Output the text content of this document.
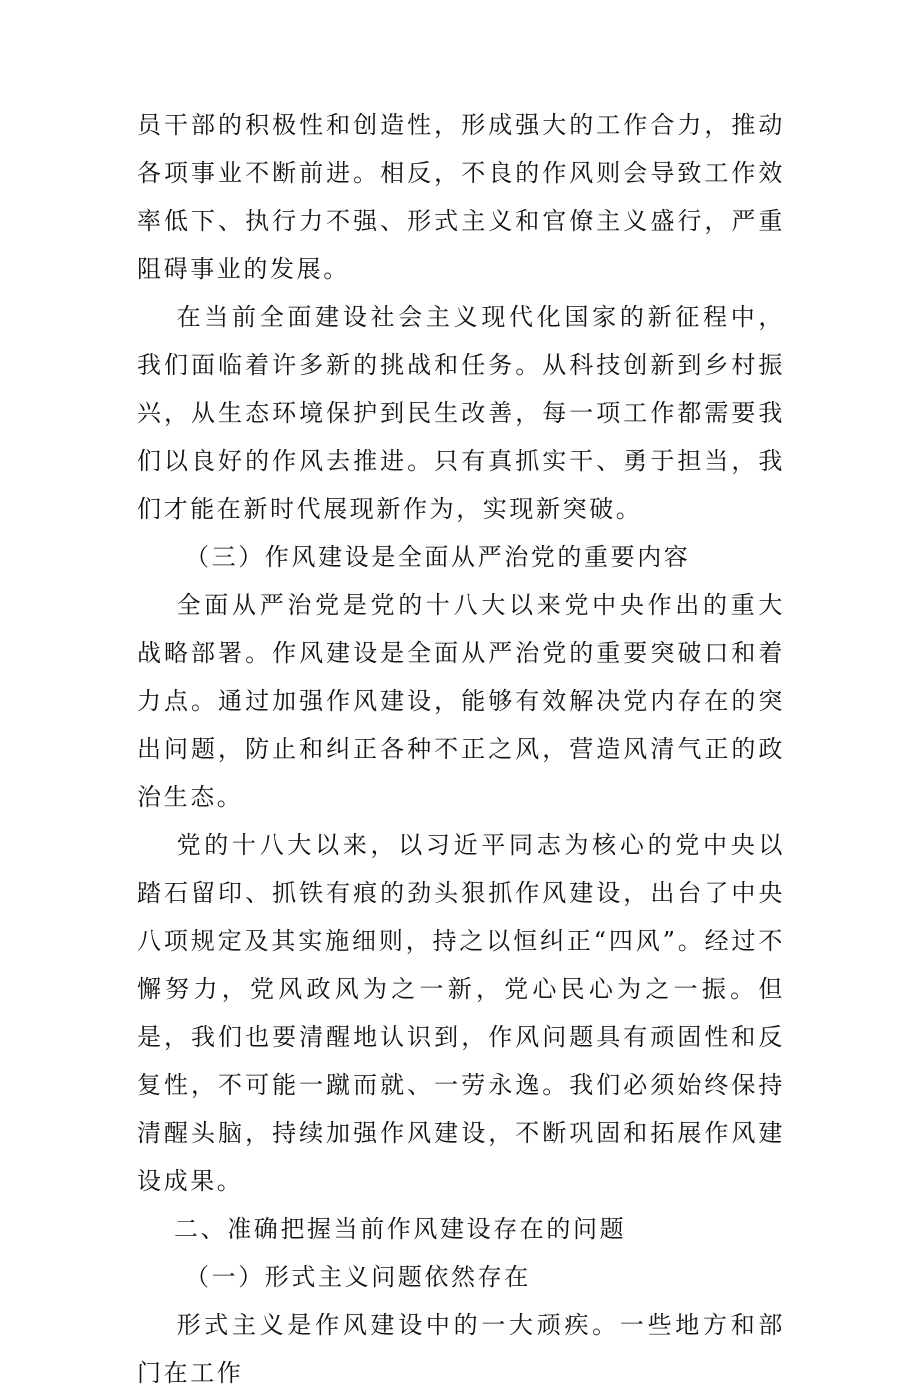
员干部的积极性和创造性，形成强大的工作合力，推动各项事业不断前进。相反，不良的作风则会导致工作效率低下、执行力不强、形式主义和官僚主义盛行，严重阻碍事业的发展。

在当前全面建设社会主义现代化国家的新征程中，我们面临着许多新的挑战和任务。从科技创新到乡村振兴，从生态环境保护到民生改善，每一项工作都需要我们以良好的作风去推进。只有真抓实干、勇于担当，我们才能在新时代展现新作为，实现新突破。

（三）作风建设是全面从严治党的重要内容

全面从严治党是党的十八大以来党中央作出的重大战略部署。作风建设是全面从严治党的重要突破口和着力点。通过加强作风建设，能够有效解决党内存在的突出问题，防止和纠正各种不正之风，营造风清气正的政治生态。

党的十八大以来，以习近平同志为核心的党中央以踏石留印、抓铁有痕的劲头狠抓作风建设，出台了中央八项规定及其实施细则，持之以恒纠正“四风”。经过不懈努力，党风政风为之一新，党心民心为之一振。但是，我们也要清醒地认识到，作风问题具有顽固性和反复性，不可能一蹴而就、一劳永逸。我们必须始终保持清醒头脑，持续加强作风建设，不断巩固和拓展作风建设成果。

二、准确把握当前作风建设存在的问题

（一）形式主义问题依然存在

形式主义是作风建设中的一大顽疾。一些地方和部门在工作
